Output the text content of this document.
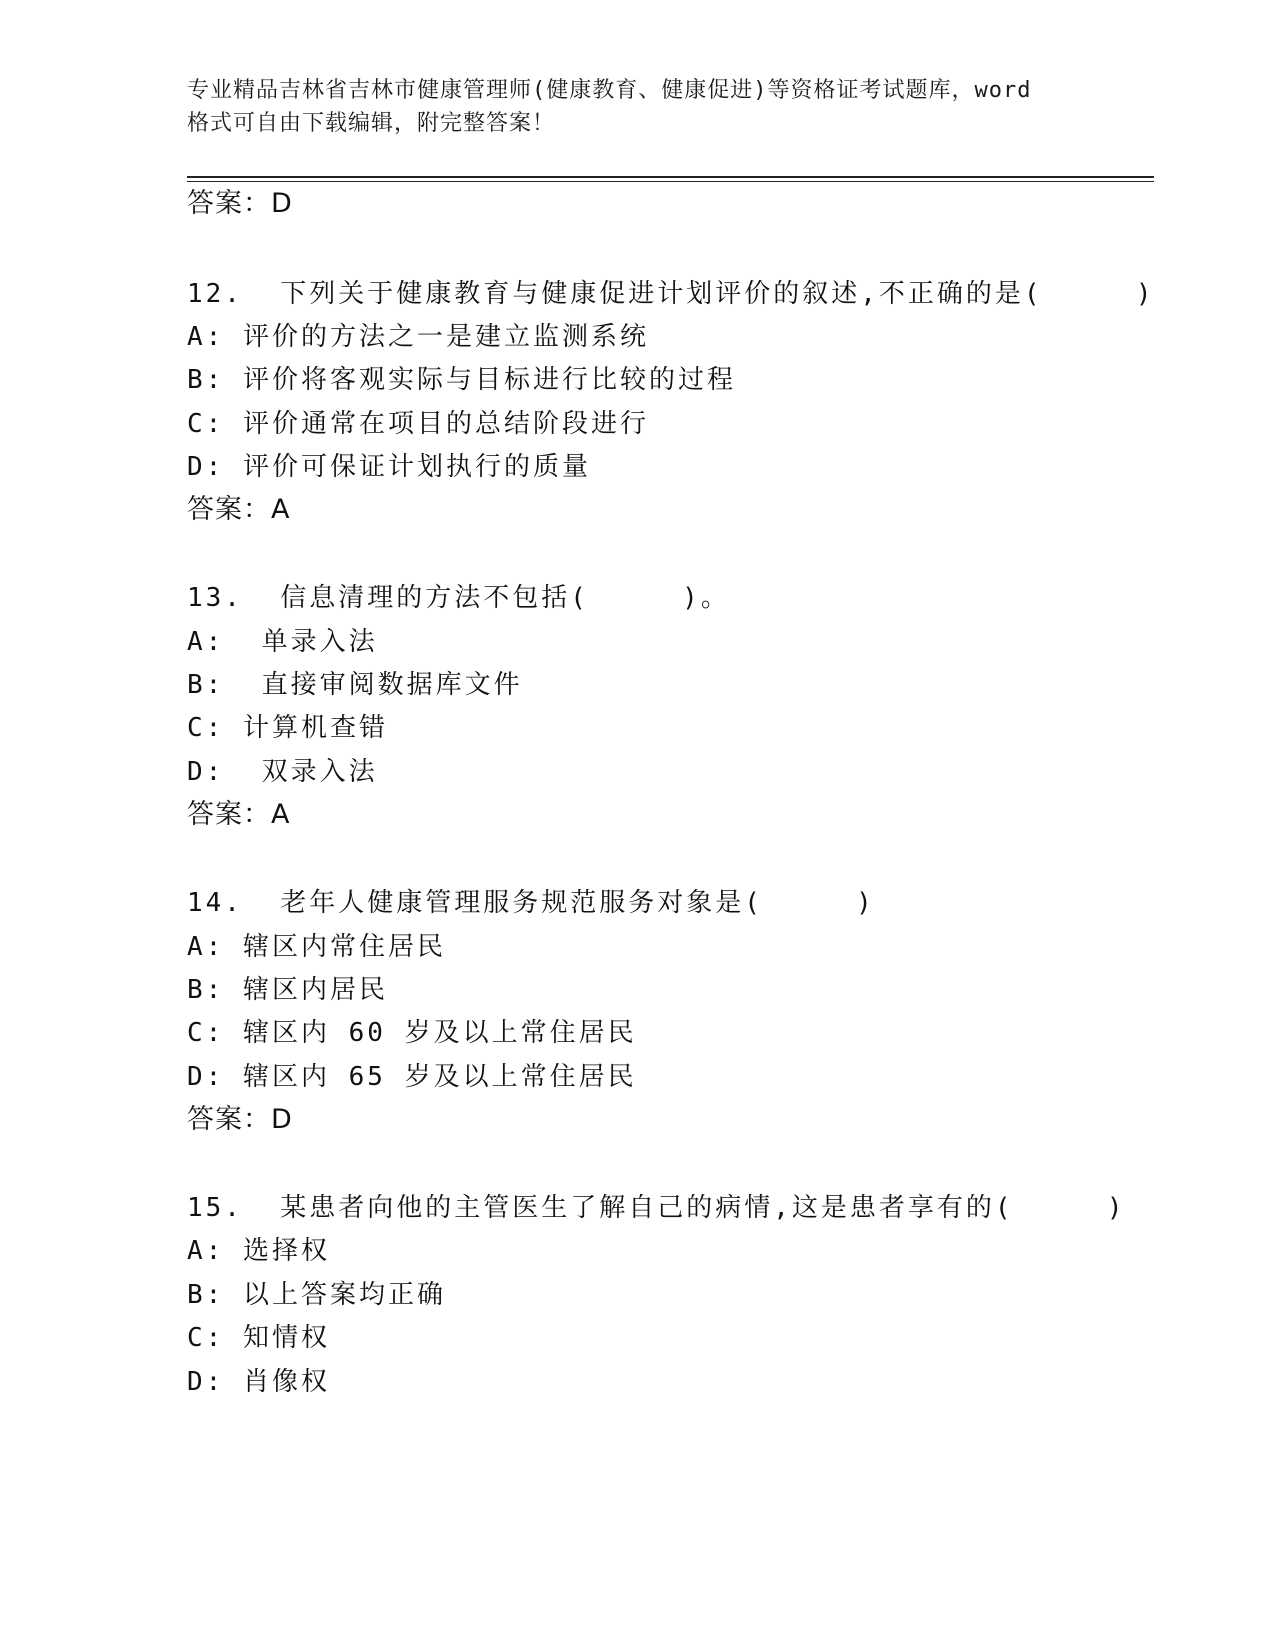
专业精品吉林省吉林市健康管理师(健康教育、健康促进)等资格证考试题库，word
格式可自由下载编辑，附完整答案！
答案：D
12.  下列关于健康教育与健康促进计划评价的叙述,不正确的是(     )
A: 评价的方法之一是建立监测系统
B: 评价将客观实际与目标进行比较的过程
C: 评价通常在项目的总结阶段进行
D: 评价可保证计划执行的质量
答案：A
13.  信息清理的方法不包括(     )。
A:  单录入法
B:  直接审阅数据库文件
C: 计算机查错
D:  双录入法
答案：A
14.  老年人健康管理服务规范服务对象是(     )
A: 辖区内常住居民
B: 辖区内居民
C: 辖区内 60 岁及以上常住居民
D: 辖区内 65 岁及以上常住居民
答案：D
15.  某患者向他的主管医生了解自己的病情,这是患者享有的(     )
A: 选择权
B: 以上答案均正确
C: 知情权
D: 肖像权
